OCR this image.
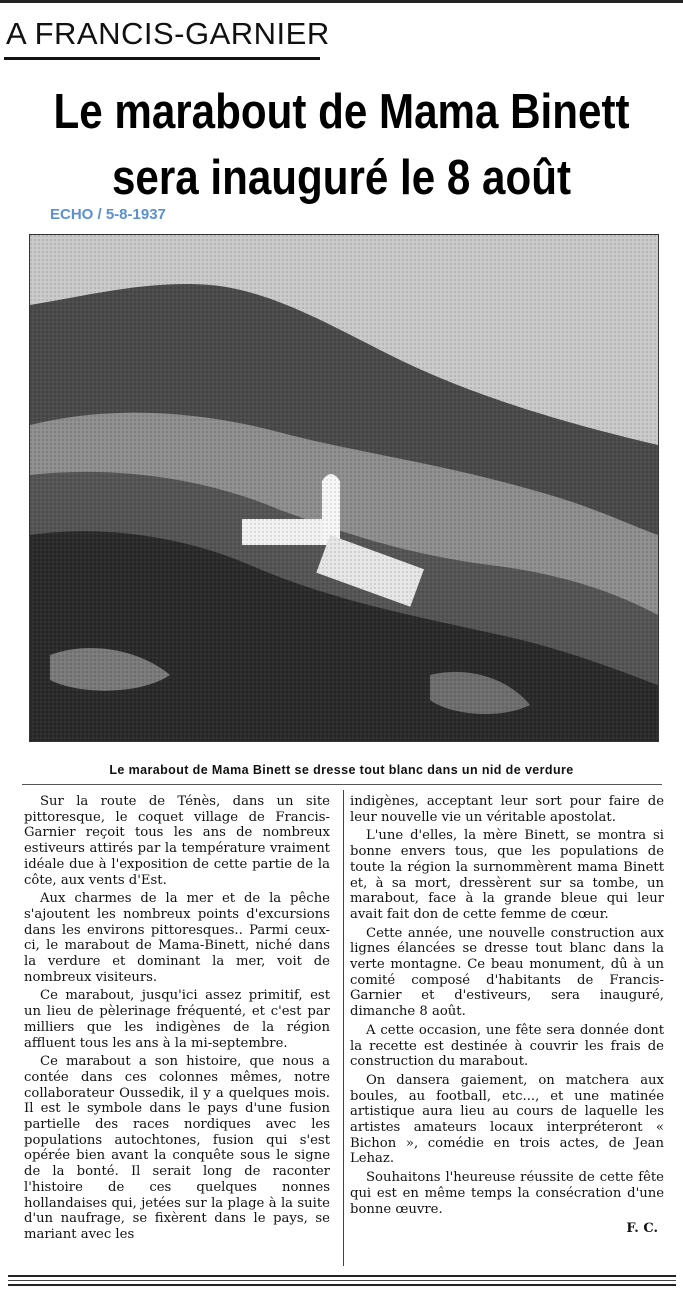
A FRANCIS-GARNIER
Le marabout de Mama Binett
sera inauguré le 8 août
ECHO / 5-8-1937
Le marabout de Mama Binett se dresse tout blanc dans un nid de verdure

Sur la route de Ténès, dans un site pittoresque, le coquet village de Francis-Garnier reçoit tous les ans de nombreux estiveurs attirés par la température vraiment idéale due à l'exposition de cette partie de la côte, aux vents d'Est.

Aux charmes de la mer et de la pêche s'ajoutent les nombreux points d'excursions dans les environs pittoresques.. Parmi ceux-ci, le marabout de Mama-Binett, niché dans la verdure et dominant la mer, voit de nombreux visiteurs.

Ce marabout, jusqu'ici assez primitif, est un lieu de pèlerinage fréquenté, et c'est par milliers que les indigènes de la région affluent tous les ans à la mi-septembre.

Ce marabout a son histoire, que nous a contée dans ces colonnes mêmes, notre collaborateur Oussedik, il y a quelques mois. Il est le symbole dans le pays d'une fusion partielle des races nordiques avec les populations autochtones, fusion qui s'est opérée bien avant la conquête sous le signe de la bonté. Il serait long de raconter l'histoire de ces quelques nonnes hollandaises qui, jetées sur la plage à la suite d'un naufrage, se fixèrent dans le pays, se mariant avec les

indigènes, acceptant leur sort pour faire de leur nouvelle vie un véritable apostolat.

L'une d'elles, la mère Binett, se montra si bonne envers tous, que les populations de toute la région la surnommèrent mama Binett et, à sa mort, dressèrent sur sa tombe, un marabout, face à la grande bleue qui leur avait fait don de cette femme de cœur.

Cette année, une nouvelle construction aux lignes élancées se dresse tout blanc dans la verte montagne. Ce beau monument, dû à un comité composé d'habitants de Francis-Garnier et d'estiveurs, sera inauguré, dimanche 8 août.

A cette occasion, une fête sera donnée dont la recette est destinée à couvrir les frais de construction du marabout.

On dansera gaiement, on matchera aux boules, au football, etc..., et une matinée artistique aura lieu au cours de laquelle les artistes amateurs locaux interpréteront « Bichon », comédie en trois actes, de Jean Lehaz.

Souhaitons l'heureuse réussite de cette fête qui est en même temps la consécration d'une bonne œuvre.

F. C.
